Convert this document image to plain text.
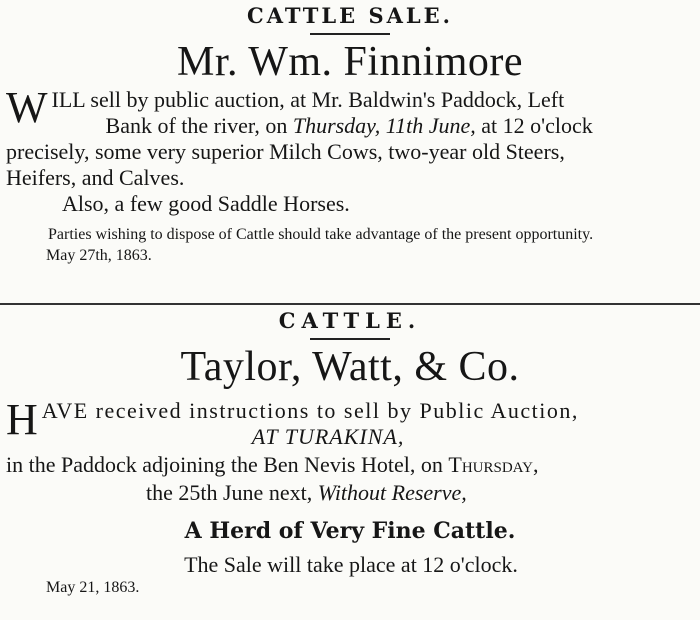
CATTLE SALE.
Mr. Wm. Finnimore

W ILL sell by public auction, at Mr. Baldwin's Paddock, Left
Bank of the river, on Thursday, 11th June, at 12 o'clock
precisely, some very superior Milch Cows, two-year old Steers,
Heifers, and Calves.

Also, a few good Saddle Horses.

Parties wishing to dispose of Cattle should take advantage of the present opportunity.

May 27th, 1863.

CATTLE.
Taylor, Watt, & Co.

H AVE received instructions to sell by Public Auction,
AT TURAKINA,

in the Paddock adjoining the Ben Nevis Hotel, on Thursday,

the 25th June next, Without Reserve,

A Herd of Very Fine Cattle.

The Sale will take place at 12 o'clock.

May 21, 1863.
